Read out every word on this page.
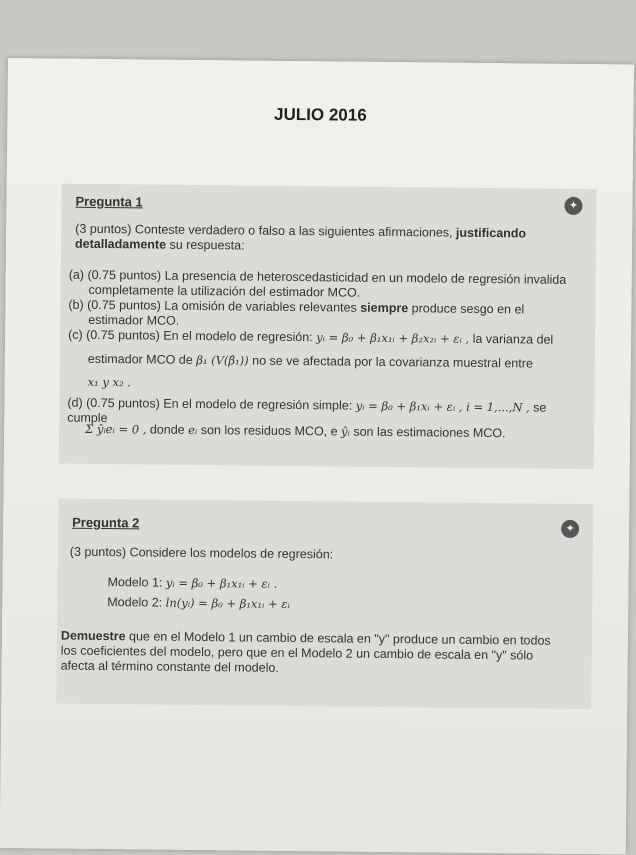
JULIO 2016
Pregunta 1	✦
(3 puntos) Conteste verdadero o falso a las siguientes afirmaciones, justificando
detalladamente su respuesta:
(a) (0.75 puntos) La presencia de heteroscedasticidad en un modelo de regresión invalida
completamente la utilización del estimador MCO.
(b) (0.75 puntos) La omisión de variables relevantes siempre produce sesgo en el
estimador MCO.
(c) (0.75 puntos) En el modelo de regresión: yᵢ = β₀ + β₁x₁ᵢ + β₂x₂ᵢ + εᵢ , la varianza del
estimador MCO de β₁ (V(β̂₁)) no se ve afectada por la covarianza muestral entre
x₁ y x₂ .
(d) (0.75 puntos) En el modelo de regresión simple: yᵢ = β₀ + β₁xᵢ + εᵢ , i = 1,...,N , se cumple
Σ ŷᵢeᵢ = 0 , donde eᵢ son los residuos MCO, e ŷᵢ son las estimaciones MCO.
Pregunta 2	✦
(3 puntos) Considere los modelos de regresión:
Modelo 1: yᵢ = β₀ + β₁x₁ᵢ + εᵢ .
Modelo 2: ln(yᵢ) = β₀ + β₁x₁ᵢ + εᵢ
Demuestre que en el Modelo 1 un cambio de escala en "y" produce un cambio en todos
los coeficientes del modelo, pero que en el Modelo 2 un cambio de escala en "y" sólo
afecta al término constante del modelo.
